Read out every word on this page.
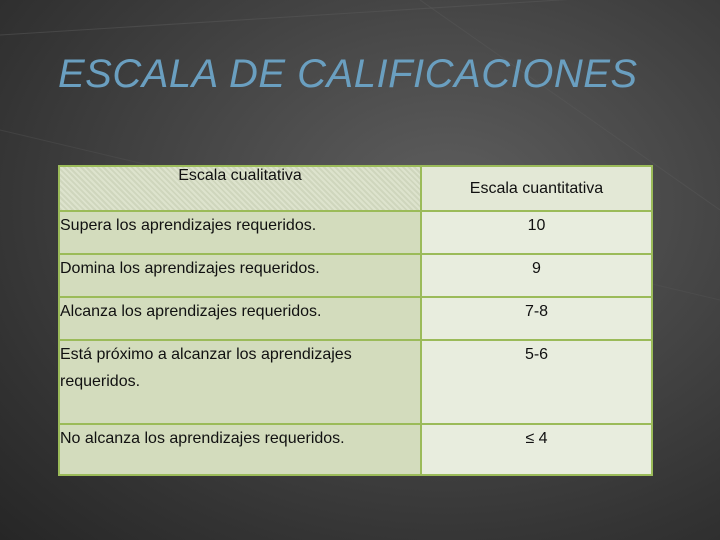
ESCALA DE CALIFICACIONES
Escala cualitativa	Escala cuantitativa
Supera los aprendizajes requeridos.	10
Domina los aprendizajes requeridos.	9
Alcanza los aprendizajes requeridos.	7-8
Está próximo a alcanzar los aprendizajes requeridos.	5-6
No alcanza los aprendizajes requeridos.	≤ 4
